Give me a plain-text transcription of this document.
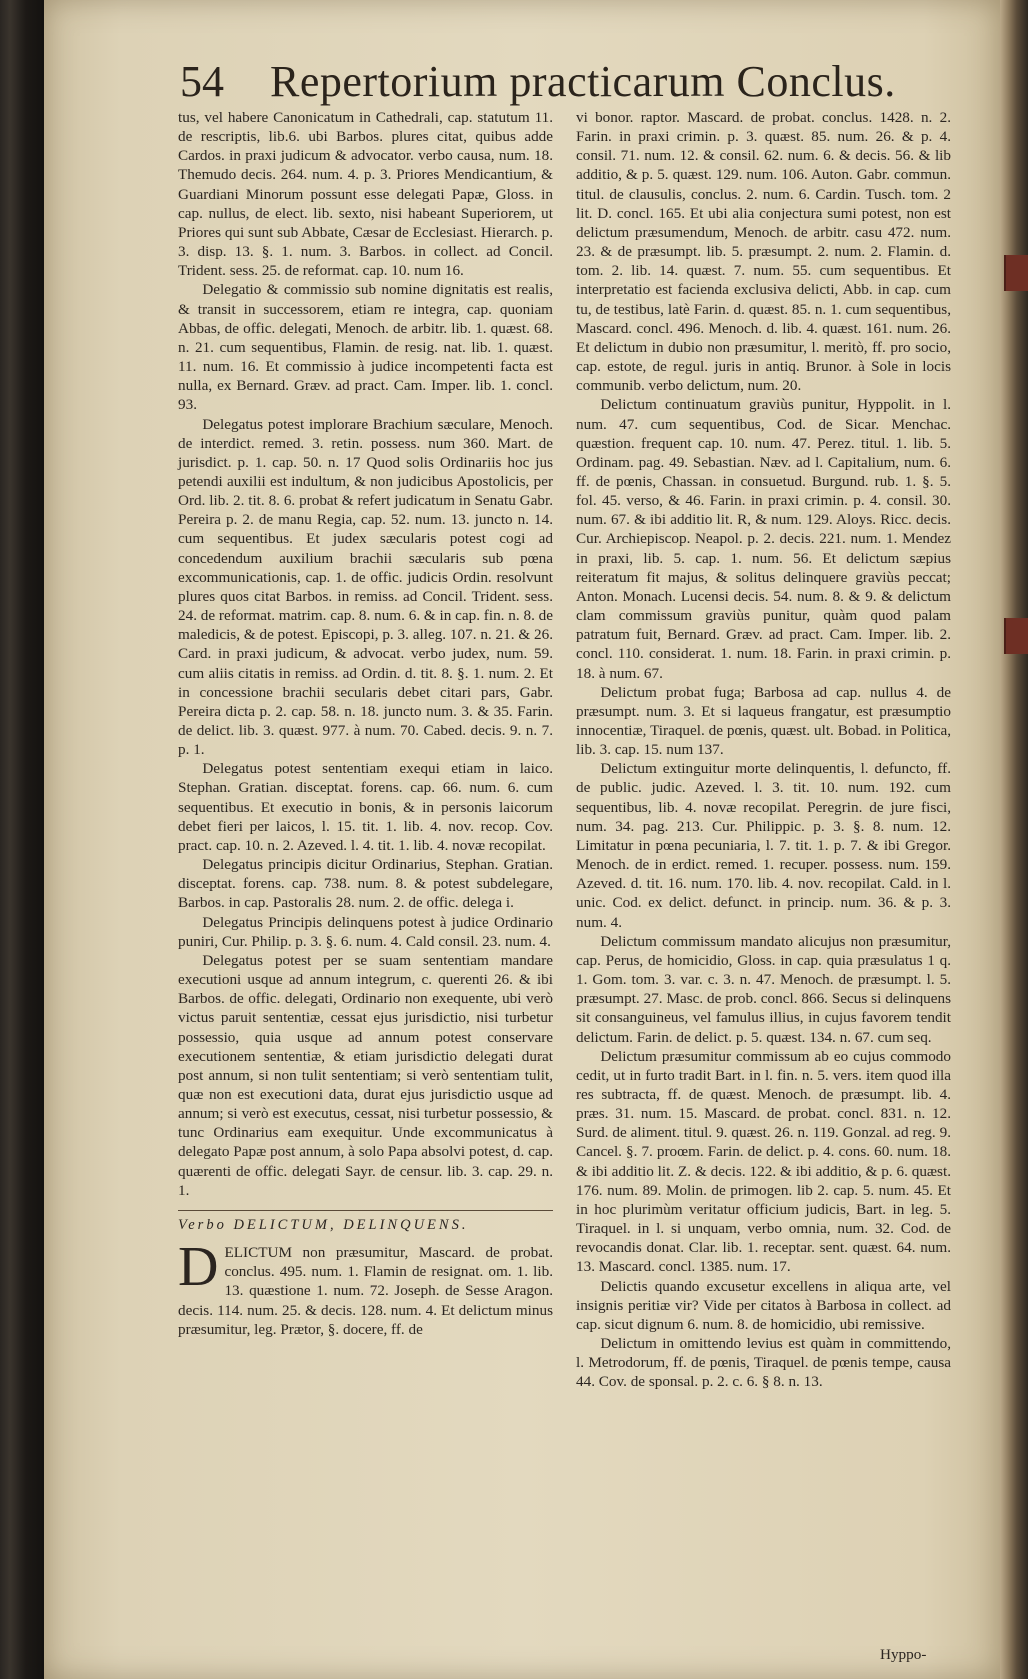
54 Repertorium practicarum Conclus.

tus, vel habere Canonicatum in Cathedrali, cap. statutum 11. de rescriptis, lib.6. ubi Barbos. plures citat, quibus adde Cardos. in praxi judicum & advocator. verbo causa, num. 18. Themudo decis. 264. num. 4. p. 3. Priores Mendicantium, & Guardiani Minorum possunt esse delegati Papæ, Gloss. in cap. nullus, de elect. lib. sexto, nisi habeant Superiorem, ut Priores qui sunt sub Abbate, Cæsar de Ecclesiast. Hierarch. p. 3. disp. 13. §. 1. num. 3. Barbos. in collect. ad Concil. Trident. sess. 25. de reformat. cap. 10. num 16.

Delegatio & commissio sub nomine dignitatis est realis, & transit in successorem, etiam re integra, cap. quoniam Abbas, de offic. delegati, Menoch. de arbitr. lib. 1. quæst. 68. n. 21. cum sequentibus, Flamin. de resig. nat. lib. 1. quæst. 11. num. 16. Et commissio à judice incompetenti facta est nulla, ex Bernard. Græv. ad pract. Cam. Imper. lib. 1. concl. 93.

Delegatus potest implorare Brachium sæculare, Menoch. de interdict. remed. 3. retin. possess. num 360. Mart. de jurisdict. p. 1. cap. 50. n. 17 Quod solis Ordinariis hoc jus petendi auxilii est indultum, & non judicibus Apostolicis, per Ord. lib. 2. tit. 8. 6. probat & refert judicatum in Senatu Gabr. Pereira p. 2. de manu Regia, cap. 52. num. 13. juncto n. 14. cum sequentibus. Et judex sæcularis potest cogi ad concedendum auxilium brachii sæcularis sub pœna excommunicationis, cap. 1. de offic. judicis Ordin. resolvunt plures quos citat Barbos. in remiss. ad Concil. Trident. sess. 24. de reformat. matrim. cap. 8. num. 6. & in cap. fin. n. 8. de maledicis, & de potest. Episcopi, p. 3. alleg. 107. n. 21. & 26. Card. in praxi judicum, & advocat. verbo judex, num. 59. cum aliis citatis in remiss. ad Ordin. d. tit. 8. §. 1. num. 2. Et in concessione brachii secularis debet citari pars, Gabr. Pereira dicta p. 2. cap. 58. n. 18. juncto num. 3. & 35. Farin. de delict. lib. 3. quæst. 977. à num. 70. Cabed. decis. 9. n. 7. p. 1.

Delegatus potest sententiam exequi etiam in laico. Stephan. Gratian. disceptat. forens. cap. 66. num. 6. cum sequentibus. Et executio in bonis, & in personis laicorum debet fieri per laicos, l. 15. tit. 1. lib. 4. nov. recop. Cov. pract. cap. 10. n. 2. Azeved. l. 4. tit. 1. lib. 4. novæ recopilat.

Delegatus principis dicitur Ordinarius, Stephan. Gratian. disceptat. forens. cap. 738. num. 8. & potest subdelegare, Barbos. in cap. Pastoralis 28. num. 2. de offic. delega i.

Delegatus Principis delinquens potest à judice Ordinario puniri, Cur. Philip. p. 3. §. 6. num. 4. Cald consil. 23. num. 4.

Delegatus potest per se suam sententiam mandare executioni usque ad annum integrum, c. querenti 26. & ibi Barbos. de offic. delegati, Ordinario non exequente, ubi verò victus paruit sententiæ, cessat ejus jurisdictio, nisi turbetur possessio, quia usque ad annum potest conservare executionem sententiæ, & etiam jurisdictio delegati durat post annum, si non tulit sententiam; si verò sententiam tulit, quæ non est executioni data, durat ejus jurisdictio usque ad annum; si verò est executus, cessat, nisi turbetur possessio, & tunc Ordinarius eam exequitur. Unde excommunicatus à delegato Papæ post annum, à solo Papa absolvi potest, d. cap. quærenti de offic. delegati Sayr. de censur. lib. 3. cap. 29. n. 1.

Verbo DELICTUM, DELINQUENS.

DELICTUM non præsumitur, Mascard. de probat. conclus. 495. num. 1. Flamin de resignat. om. 1. lib. 13. quæstione 1. num. 72. Joseph. de Sesse Aragon. decis. 114. num. 25. & decis. 128. num. 4. Et delictum minus præsumitur, leg. Prætor, §. docere, ff. de

vi bonor. raptor. Mascard. de probat. conclus. 1428. n. 2. Farin. in praxi crimin. p. 3. quæst. 85. num. 26. & p. 4. consil. 71. num. 12. & consil. 62. num. 6. & decis. 56. & lib additio, & p. 5. quæst. 129. num. 106. Auton. Gabr. commun. titul. de clausulis, conclus. 2. num. 6. Cardin. Tusch. tom. 2 lit. D. concl. 165. Et ubi alia conjectura sumi potest, non est delictum præsumendum, Menoch. de arbitr. casu 472. num. 23. & de præsumpt. lib. 5. præsumpt. 2. num. 2. Flamin. d. tom. 2. lib. 14. quæst. 7. num. 55. cum sequentibus. Et interpretatio est facienda exclusiva delicti, Abb. in cap. cum tu, de testibus, latè Farin. d. quæst. 85. n. 1. cum sequentibus, Mascard. concl. 496. Menoch. d. lib. 4. quæst. 161. num. 26. Et delictum in dubio non præsumitur, l. meritò, ff. pro socio, cap. estote, de regul. juris in antiq. Brunor. à Sole in locis communib. verbo delictum, num. 20.

Delictum continuatum graviùs punitur, Hyppolit. in l. num. 47. cum sequentibus, Cod. de Sicar. Menchac. quæstion. frequent cap. 10. num. 47. Perez. titul. 1. lib. 5. Ordinam. pag. 49. Sebastian. Næv. ad l. Capitalium, num. 6. ff. de pœnis, Chassan. in consuetud. Burgund. rub. 1. §. 5. fol. 45. verso, & 46. Farin. in praxi crimin. p. 4. consil. 30. num. 67. & ibi additio lit. R, & num. 129. Aloys. Ricc. decis. Cur. Archiepiscop. Neapol. p. 2. decis. 221. num. 1. Mendez in praxi, lib. 5. cap. 1. num. 56. Et delictum sæpius reiteratum fit majus, & solitus delinquere graviùs peccat; Anton. Monach. Lucensi decis. 54. num. 8. & 9. & delictum clam commissum graviùs punitur, quàm quod palam patratum fuit, Bernard. Græv. ad pract. Cam. Imper. lib. 2. concl. 110. considerat. 1. num. 18. Farin. in praxi crimin. p. 18. à num. 67.

Delictum probat fuga; Barbosa ad cap. nullus 4. de præsumpt. num. 3. Et si laqueus frangatur, est præsumptio innocentiæ, Tiraquel. de pœnis, quæst. ult. Bobad. in Politica, lib. 3. cap. 15. num 137.

Delictum extinguitur morte delinquentis, l. defuncto, ff. de public. judic. Azeved. l. 3. tit. 10. num. 192. cum sequentibus, lib. 4. novæ recopilat. Peregrin. de jure fisci, num. 34. pag. 213. Cur. Philippic. p. 3. §. 8. num. 12. Limitatur in pœna pecuniaria, l. 7. tit. 1. p. 7. & ibi Gregor. Menoch. de in erdict. remed. 1. recuper. possess. num. 159. Azeved. d. tit. 16. num. 170. lib. 4. nov. recopilat. Cald. in l. unic. Cod. ex delict. defunct. in princip. num. 36. & p. 3. num. 4.

Delictum commissum mandato alicujus non præsumitur, cap. Perus, de homicidio, Gloss. in cap. quia præsulatus 1 q. 1. Gom. tom. 3. var. c. 3. n. 47. Menoch. de præsumpt. l. 5. præsumpt. 27. Masc. de prob. concl. 866. Secus si delinquens sit consanguineus, vel famulus illius, in cujus favorem tendit delictum. Farin. de delict. p. 5. quæst. 134. n. 67. cum seq.

Delictum præsumitur commissum ab eo cujus commodo cedit, ut in furto tradit Bart. in l. fin. n. 5. vers. item quod illa res subtracta, ff. de quæst. Menoch. de præsumpt. lib. 4. præs. 31. num. 15. Mascard. de probat. concl. 831. n. 12. Surd. de aliment. titul. 9. quæst. 26. n. 119. Gonzal. ad reg. 9. Cancel. §. 7. proœm. Farin. de delict. p. 4. cons. 60. num. 18. & ibi additio lit. Z. & decis. 122. & ibi additio, & p. 6. quæst. 176. num. 89. Molin. de primogen. lib 2. cap. 5. num. 45. Et in hoc plurimùm veritatur officium judicis, Bart. in leg. 5. Tiraquel. in l. si unquam, verbo omnia, num. 32. Cod. de revocandis donat. Clar. lib. 1. receptar. sent. quæst. 64. num. 13. Mascard. concl. 1385. num. 17.

Delictis quando excusetur excellens in aliqua arte, vel insignis peritiæ vir? Vide per citatos à Barbosa in collect. ad cap. sicut dignum 6. num. 8. de homicidio, ubi remissive.

Delictum in omittendo levius est quàm in committendo, l. Metrodorum, ff. de pœnis, Tiraquel. de pœnis tempe, causa 44. Cov. de sponsal. p. 2. c. 6. § 8. n. 13.

Hyppo-
